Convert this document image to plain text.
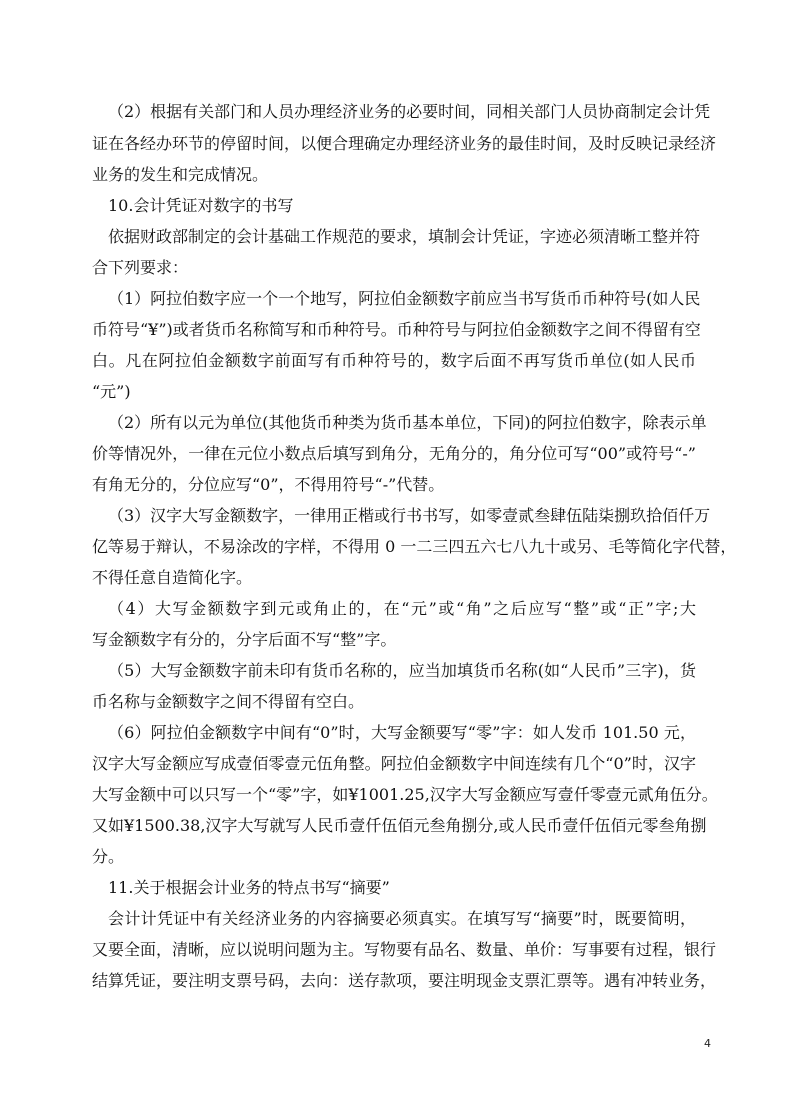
（2）根据有关部门和人员办理经济业务的必要时间，同相关部门人员协商制定会计凭
证在各经办环节的停留时间，以便合理确定办理经济业务的最佳时间，及时反映记录经济
业务的发生和完成情况。
10.会计凭证对数字的书写
依据财政部制定的会计基础工作规范的要求，填制会计凭证，字迹必须清晰工整并符
合下列要求：
（1）阿拉伯数字应一个一个地写，阿拉伯金额数字前应当书写货币币种符号(如人民
币符号“¥”)或者货币名称简写和币种符号。币种符号与阿拉伯金额数字之间不得留有空
白。凡在阿拉伯金额数字前面写有币种符号的，数字后面不再写货币单位(如人民币
“元”)
（2）所有以元为单位(其他货币种类为货币基本单位，下同)的阿拉伯数字，除表示单
价等情况外，一律在元位小数点后填写到角分，无角分的，角分位可写“00”或符号“-”
有角无分的，分位应写“0”，不得用符号“-”代替。
（3）汉字大写金额数字，一律用正楷或行书书写，如零壹贰叁肆伍陆柒捌玖拾佰仟万
亿等易于辩认，不易涂改的字样，不得用 0 一二三四五六七八九十或另、毛等简化字代替，
不得任意自造简化字。
（4）大写金额数字到元或角止的，在“元”或“角”之后应写“整”或“正”字;大
写金额数字有分的，分字后面不写“整”字。
（5）大写金额数字前未印有货币名称的，应当加填货币名称(如“人民币”三字)，货
币名称与金额数字之间不得留有空白。
（6）阿拉伯金额数字中间有“0”时，大写金额要写“零”字：如人发币 101.50 元，
汉字大写金额应写成壹佰零壹元伍角整。阿拉伯金额数字中间连续有几个“0”时，汉字
大写金额中可以只写一个“零”字，如¥1001.25,汉字大写金额应写壹仟零壹元贰角伍分。
又如¥1500.38,汉字大写就写人民币壹仟伍佰元叁角捌分,或人民币壹仟伍佰元零叁角捌
分。
11.关于根据会计业务的特点书写“摘要”
会计计凭证中有关经济业务的内容摘要必须真实。在填写写“摘要”时，既要简明，
又要全面，清晰，应以说明问题为主。写物要有品名、数量、单价：写事要有过程，银行
结算凭证，要注明支票号码，去向：送存款项，要注明现金支票汇票等。遇有冲转业务，
4
